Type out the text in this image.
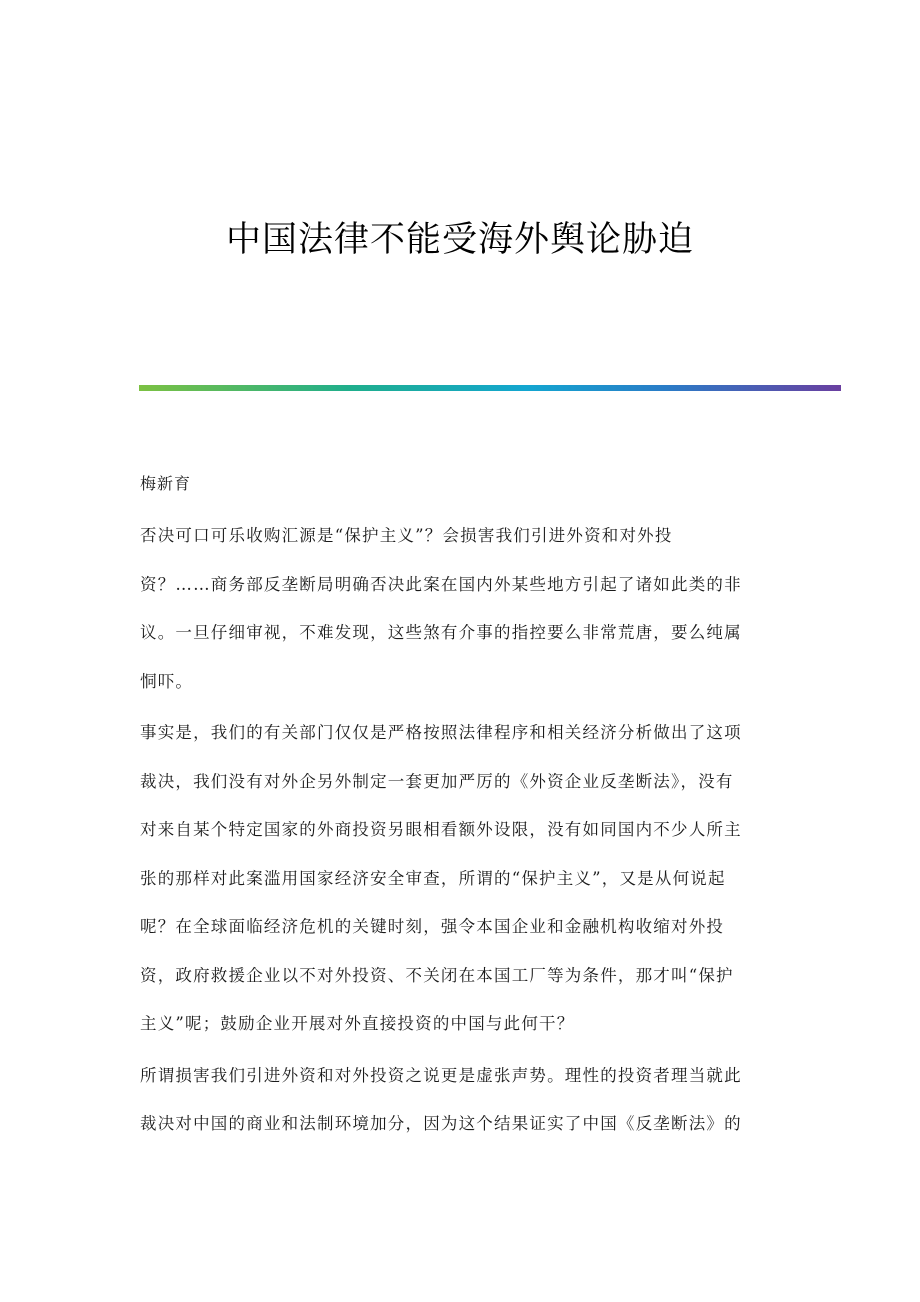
中国法律不能受海外舆论胁迫

梅新育

否决可口可乐收购汇源是“保护主义”？会损害我们引进外资和对外投
资？……商务部反垄断局明确否决此案在国内外某些地方引起了诸如此类的非
议。一旦仔细审视，不难发现，这些煞有介事的指控要么非常荒唐，要么纯属
恫吓。
事实是，我们的有关部门仅仅是严格按照法律程序和相关经济分析做出了这项
裁决，我们没有对外企另外制定一套更加严厉的《外资企业反垄断法》，没有
对来自某个特定国家的外商投资另眼相看额外设限，没有如同国内不少人所主
张的那样对此案滥用国家经济安全审查，所谓的“保护主义”，又是从何说起
呢？在全球面临经济危机的关键时刻，强令本国企业和金融机构收缩对外投
资，政府救援企业以不对外投资、不关闭在本国工厂等为条件，那才叫“保护
主义”呢；鼓励企业开展对外直接投资的中国与此何干？
所谓损害我们引进外资和对外投资之说更是虚张声势。理性的投资者理当就此
裁决对中国的商业和法制环境加分，因为这个结果证实了中国《反垄断法》的
